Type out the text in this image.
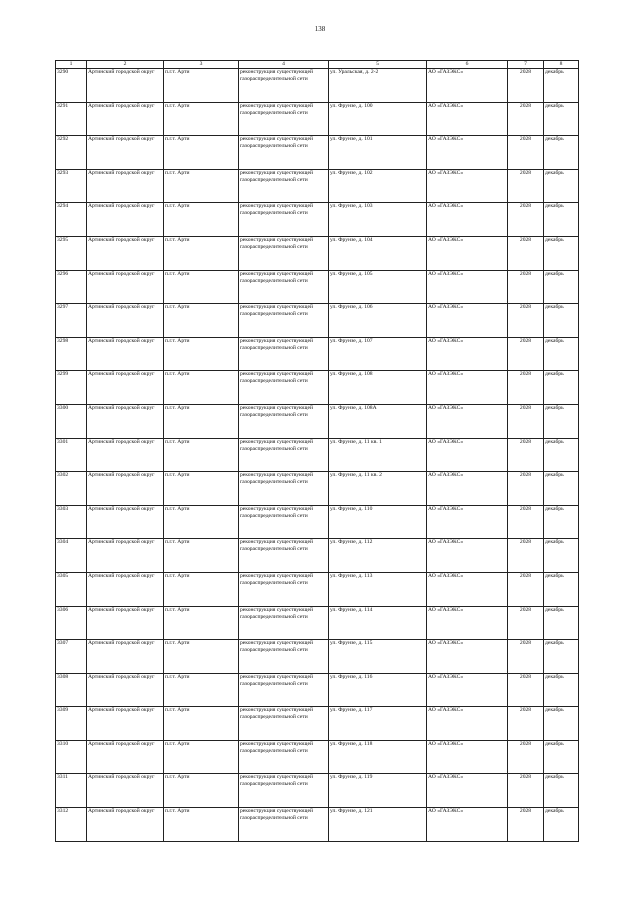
138
1	2	3	4	5	6	7	8
3290	Артинский городской округ	п.г.т. Арти	реконструкция существующей газораспределительной сети	ул. Уральская, д. 2-2	АО «ГАЗЭКС»	2028	декабрь
3291	Артинский городской округ	п.г.т. Арти	реконструкция существующей газораспределительной сети	ул. Фрунзе, д. 100	АО «ГАЗЭКС»	2028	декабрь
3292	Артинский городской округ	п.г.т. Арти	реконструкция существующей газораспределительной сети	ул. Фрунзе, д. 101	АО «ГАЗЭКС»	2028	декабрь
3293	Артинский городской округ	п.г.т. Арти	реконструкция существующей газораспределительной сети	ул. Фрунзе, д. 102	АО «ГАЗЭКС»	2028	декабрь
3294	Артинский городской округ	п.г.т. Арти	реконструкция существующей газораспределительной сети	ул. Фрунзе, д. 103	АО «ГАЗЭКС»	2028	декабрь
3295	Артинский городской округ	п.г.т. Арти	реконструкция существующей газораспределительной сети	ул. Фрунзе, д. 104	АО «ГАЗЭКС»	2028	декабрь
3296	Артинский городской округ	п.г.т. Арти	реконструкция существующей газораспределительной сети	ул. Фрунзе, д. 105	АО «ГАЗЭКС»	2028	декабрь
3297	Артинский городской округ	п.г.т. Арти	реконструкция существующей газораспределительной сети	ул. Фрунзе, д. 106	АО «ГАЗЭКС»	2028	декабрь
3298	Артинский городской округ	п.г.т. Арти	реконструкция существующей газораспределительной сети	ул. Фрунзе, д. 107	АО «ГАЗЭКС»	2028	декабрь
3299	Артинский городской округ	п.г.т. Арти	реконструкция существующей газораспределительной сети	ул. Фрунзе, д. 108	АО «ГАЗЭКС»	2028	декабрь
3300	Артинский городской округ	п.г.т. Арти	реконструкция существующей газораспределительной сети	ул. Фрунзе, д. 108А	АО «ГАЗЭКС»	2028	декабрь
3301	Артинский городской округ	п.г.т. Арти	реконструкция существующей газораспределительной сети	ул. Фрунзе, д. 11 кв. 1	АО «ГАЗЭКС»	2028	декабрь
3302	Артинский городской округ	п.г.т. Арти	реконструкция существующей газораспределительной сети	ул. Фрунзе, д. 11 кв. 2	АО «ГАЗЭКС»	2028	декабрь
3303	Артинский городской округ	п.г.т. Арти	реконструкция существующей газораспределительной сети	ул. Фрунзе, д. 110	АО «ГАЗЭКС»	2028	декабрь
3304	Артинский городской округ	п.г.т. Арти	реконструкция существующей газораспределительной сети	ул. Фрунзе, д. 112	АО «ГАЗЭКС»	2028	декабрь
3305	Артинский городской округ	п.г.т. Арти	реконструкция существующей газораспределительной сети	ул. Фрунзе, д. 113	АО «ГАЗЭКС»	2028	декабрь
3306	Артинский городской округ	п.г.т. Арти	реконструкция существующей газораспределительной сети	ул. Фрунзе, д. 114	АО «ГАЗЭКС»	2028	декабрь
3307	Артинский городской округ	п.г.т. Арти	реконструкция существующей газораспределительной сети	ул. Фрунзе, д. 115	АО «ГАЗЭКС»	2028	декабрь
3308	Артинский городской округ	п.г.т. Арти	реконструкция существующей газораспределительной сети	ул. Фрунзе, д. 116	АО «ГАЗЭКС»	2028	декабрь
3309	Артинский городской округ	п.г.т. Арти	реконструкция существующей газораспределительной сети	ул. Фрунзе, д. 117	АО «ГАЗЭКС»	2028	декабрь
3310	Артинский городской округ	п.г.т. Арти	реконструкция существующей газораспределительной сети	ул. Фрунзе, д. 118	АО «ГАЗЭКС»	2028	декабрь
3311	Артинский городской округ	п.г.т. Арти	реконструкция существующей газораспределительной сети	ул. Фрунзе, д. 119	АО «ГАЗЭКС»	2028	декабрь
3312	Артинский городской округ	п.г.т. Арти	реконструкция существующей газораспределительной сети	ул. Фрунзе, д. 121	АО «ГАЗЭКС»	2028	декабрь
